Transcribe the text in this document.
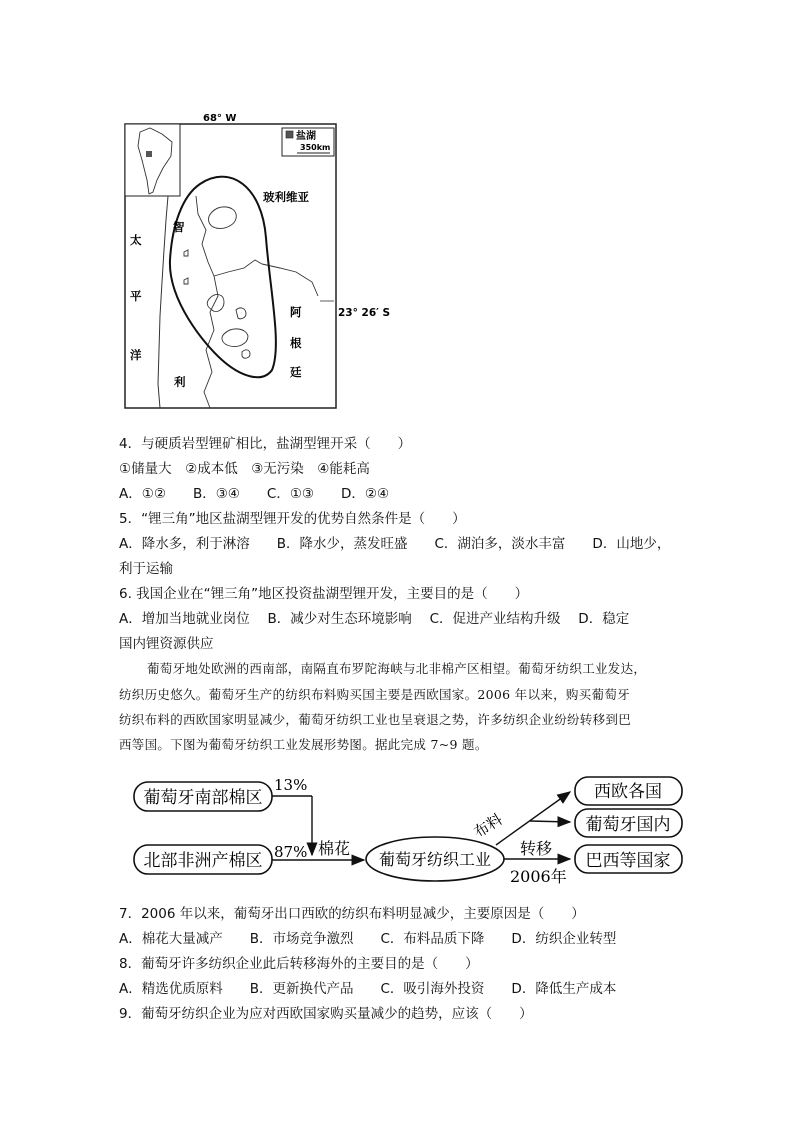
68° W
盐湖
350km
23° 26′ S
玻利维亚
智
利
太
平
洋
阿
根
廷
4．与硬质岩型锂矿相比，盐湖型锂开采（　　）
①储量大　②成本低　③无污染　④能耗高
A．①②　　B．③④　　C．①③　　D．②④
5．“锂三角”地区盐湖型锂开发的优势自然条件是（　　）
A．降水多，利于淋溶　　B．降水少，蒸发旺盛　　C．湖泊多，淡水丰富　　D．山地少，
利于运输
6. 我国企业在“锂三角”地区投资盐湖型锂开发，主要目的是（　　）
A．增加当地就业岗位　 B．减少对生态环境影响　 C．促进产业结构升级　 D．稳定
国内锂资源供应
葡萄牙地处欧洲的西南部，南隔直布罗陀海峡与北非棉产区相望。葡萄牙纺织工业发达，
纺织历史悠久。葡萄牙生产的纺织布料购买国主要是西欧国家。2006 年以来，购买葡萄牙
纺织布料的西欧国家明显减少，葡萄牙纺织工业也呈衰退之势，许多纺织企业纷纷转移到巴
西等国。下图为葡萄牙纺织工业发展形势图。据此完成 7~9 题。
葡萄牙南部棉区
北部非洲产棉区
13%
87% 棉花
葡萄牙纺织工业
布料
转移
2006年
西欧各国
葡萄牙国内
巴西等国家
7．2006 年以来，葡萄牙出口西欧的纺织布料明显减少，主要原因是（　　）
A．棉花大量减产　　B．市场竞争激烈　　C．布料品质下降　　D．纺织企业转型
8．葡萄牙许多纺织企业此后转移海外的主要目的是（　　）
A．精选优质原料　　B．更新换代产品　　C．吸引海外投资　　D．降低生产成本
9．葡萄牙纺织企业为应对西欧国家购买量减少的趋势，应该（　　）
